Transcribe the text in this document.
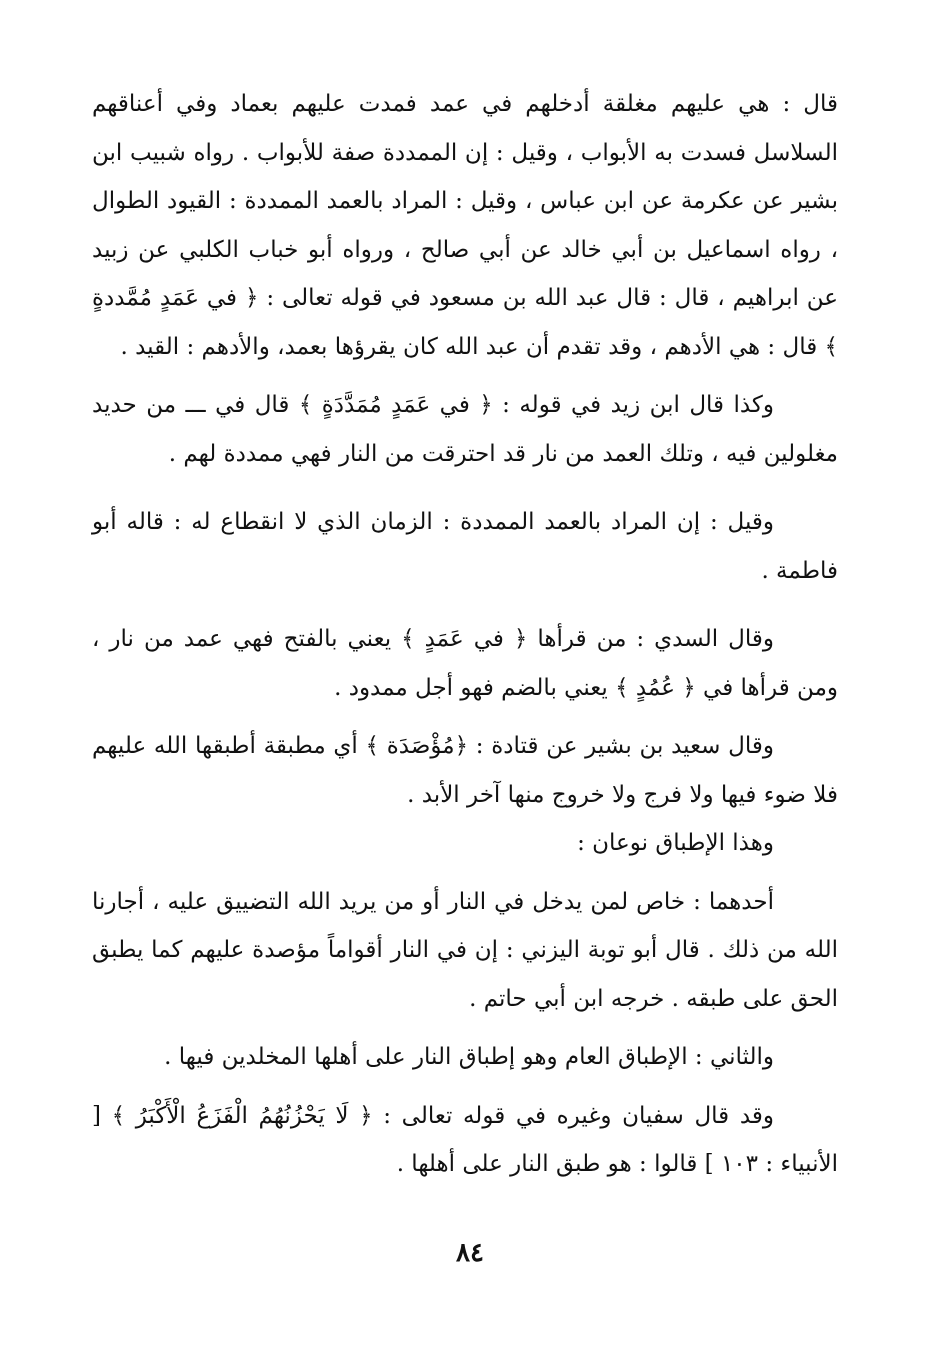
قال : هي عليهم مغلقة أدخلهم في عمد فمدت عليهم بعماد وفي أعناقهم السلاسل فسدت به الأبواب ، وقيل : إن الممددة صفة للأبواب . رواه شبيب ابن بشير عن عكرمة عن ابن عباس ، وقيل : المراد بالعمد الممددة : القيود الطوال ، رواه اسماعيل بن أبي خالد عن أبي صالح ، ورواه أبو خباب الكلبي عن زبيد عن ابراهيم ، قال : قال عبد الله بن مسعود في قوله تعالى : ﴿ في عَمَدٍ مُمَّددةٍ ﴾ قال : هي الأدهم ، وقد تقدم أن عبد الله كان يقرؤها بعمد، والأدهم : القيد .

وكذا قال ابن زيد في قوله : ﴿ في عَمَدٍ مُمَدَّدَةٍ ﴾ قال في ـــ من حديد مغلولين فيه ، وتلك العمد من نار قد احترقت من النار فهي ممددة لهم .

وقيل : إن المراد بالعمد الممددة : الزمان الذي لا انقطاع له : قاله أبو فاطمة .

وقال السدي : من قرأها ﴿ في عَمَدٍ ﴾ يعني بالفتح فهي عمد من نار ، ومن قرأها في ﴿ عُمُدٍ ﴾ يعني بالضم فهو أجل ممدود .

وقال سعيد بن بشير عن قتادة : ﴿مُؤْصَدَة ﴾ أي مطبقة أطبقها الله عليهم فلا ضوء فيها ولا فرج ولا خروج منها آخر الأبد .

وهذا الإطباق نوعان :

أحدهما : خاص لمن يدخل في النار أو من يريد الله التضييق عليه ، أجارنا الله من ذلك . قال أبو توبة اليزني : إن في النار أقواماً مؤصدة عليهم كما يطبق الحق على طبقه . خرجه ابن أبي حاتم .

والثاني : الإطباق العام وهو إطباق النار على أهلها المخلدين فيها .

وقد قال سفيان وغيره في قوله تعالى : ﴿ لَا يَحْزُنُهُمُ الْفَزَعُ الْأَكْبَرُ ﴾ [ الأنبياء : ١٠٣ ] قالوا : هو طبق النار على أهلها .

٨٤
